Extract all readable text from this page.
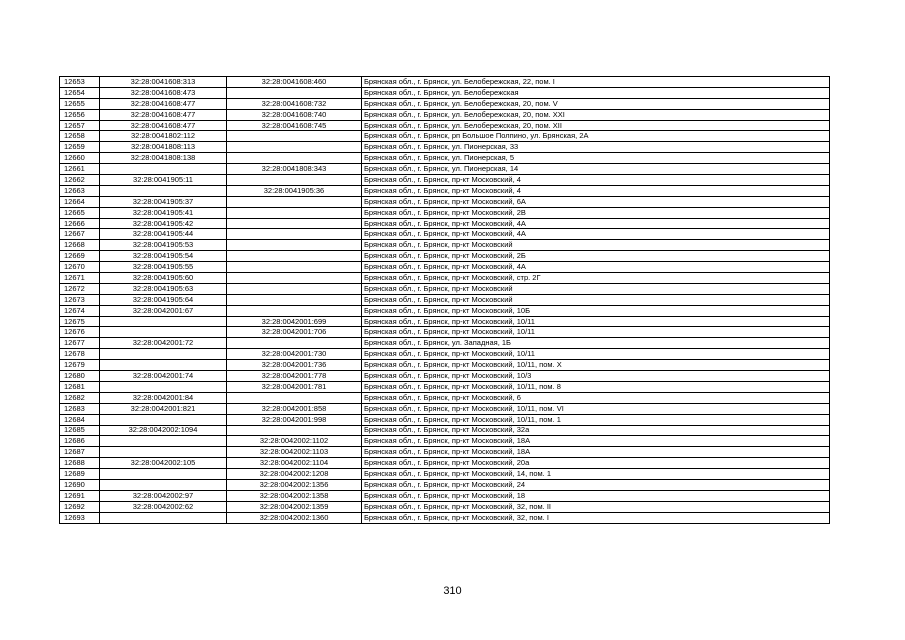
12653	32:28:0041608:313	32:28:0041608:460	Брянская обл., г. Брянск, ул. Белобережская, 22, пом. I
12654	32:28:0041608:473		Брянская обл., г. Брянск, ул. Белобережская
12655	32:28:0041608:477	32:28:0041608:732	Брянская обл., г. Брянск, ул. Белобережская, 20, пом. V
12656	32:28:0041608:477	32:28:0041608:740	Брянская обл., г. Брянск, ул. Белобережская, 20, пом. XXI
12657	32:28:0041608:477	32:28:0041608:745	Брянская обл., г. Брянск, ул. Белобережская, 20, пом. XII
12658	32:28:0041802:112		Брянская обл., г. Брянск, рп Большое Полпино, ул. Брянская, 2А
12659	32:28:0041808:113		Брянская обл., г. Брянск, ул. Пионерская, 33
12660	32:28:0041808:138		Брянская обл., г. Брянск, ул. Пионерская, 5
12661		32:28:0041808:343	Брянская обл., г. Брянск, ул. Пионерская, 14
12662	32:28:0041905:11		Брянская обл., г. Брянск, пр-кт Московский, 4
12663		32:28:0041905:36	Брянская обл., г. Брянск, пр-кт Московский, 4
12664	32:28:0041905:37		Брянская обл., г. Брянск, пр-кт Московский, 6А
12665	32:28:0041905:41		Брянская обл., г. Брянск, пр-кт Московский, 2В
12666	32:28:0041905:42		Брянская обл., г. Брянск, пр-кт Московский, 4А
12667	32:28:0041905:44		Брянская обл., г. Брянск, пр-кт Московский, 4А
12668	32:28:0041905:53		Брянская обл., г. Брянск, пр-кт Московский
12669	32:28:0041905:54		Брянская обл., г. Брянск, пр-кт Московский, 2Б
12670	32:28:0041905:55		Брянская обл., г. Брянск, пр-кт Московский, 4А
12671	32:28:0041905:60		Брянская обл., г. Брянск, пр-кт Московский, стр. 2Г
12672	32:28:0041905:63		Брянская обл., г. Брянск, пр-кт Московский
12673	32:28:0041905:64		Брянская обл., г. Брянск, пр-кт Московский
12674	32:28:0042001:67		Брянская обл., г. Брянск, пр-кт Московский, 10Б
12675		32:28:0042001:699	Брянская обл., г. Брянск, пр-кт Московский, 10/11
12676		32:28:0042001:706	Брянская обл., г. Брянск, пр-кт Московский, 10/11
12677	32:28:0042001:72		Брянская обл., г. Брянск, ул. Западная, 1Б
12678		32:28:0042001:730	Брянская обл., г. Брянск, пр-кт Московский, 10/11
12679		32:28:0042001:736	Брянская обл., г. Брянск, пр-кт Московский, 10/11, пом. X
12680	32:28:0042001:74	32:28:0042001:778	Брянская обл., г. Брянск, пр-кт Московский, 10/3
12681		32:28:0042001:781	Брянская обл., г. Брянск, пр-кт Московский, 10/11, пом. 8
12682	32:28:0042001:84		Брянская обл., г. Брянск, пр-кт Московский, 6
12683	32:28:0042001:821	32:28:0042001:858	Брянская обл., г. Брянск, пр-кт Московский, 10/11, пом. VI
12684		32:28:0042001:998	Брянская обл., г. Брянск, пр-кт Московский, 10/11, пом. 1
12685	32:28:0042002:1094		Брянская обл., г. Брянск, пр-кт Московский, 32а
12686		32:28:0042002:1102	Брянская обл., г. Брянск, пр-кт Московский, 18А
12687		32:28:0042002:1103	Брянская обл., г. Брянск, пр-кт Московский, 18А
12688	32:28:0042002:105	32:28:0042002:1104	Брянская обл., г. Брянск, пр-кт Московский, 20а
12689		32:28:0042002:1208	Брянская обл., г. Брянск, пр-кт Московский, 14, пом. 1
12690		32:28:0042002:1356	Брянская обл., г. Брянск, пр-кт Московский, 24
12691	32:28:0042002:97	32:28:0042002:1358	Брянская обл., г. Брянск, пр-кт Московский, 18
12692	32:28:0042002:62	32:28:0042002:1359	Брянская обл., г. Брянск, пр-кт Московский, 32, пом. II
12693		32:28:0042002:1360	Брянская обл., г. Брянск, пр-кт Московский, 32, пом. I
310
